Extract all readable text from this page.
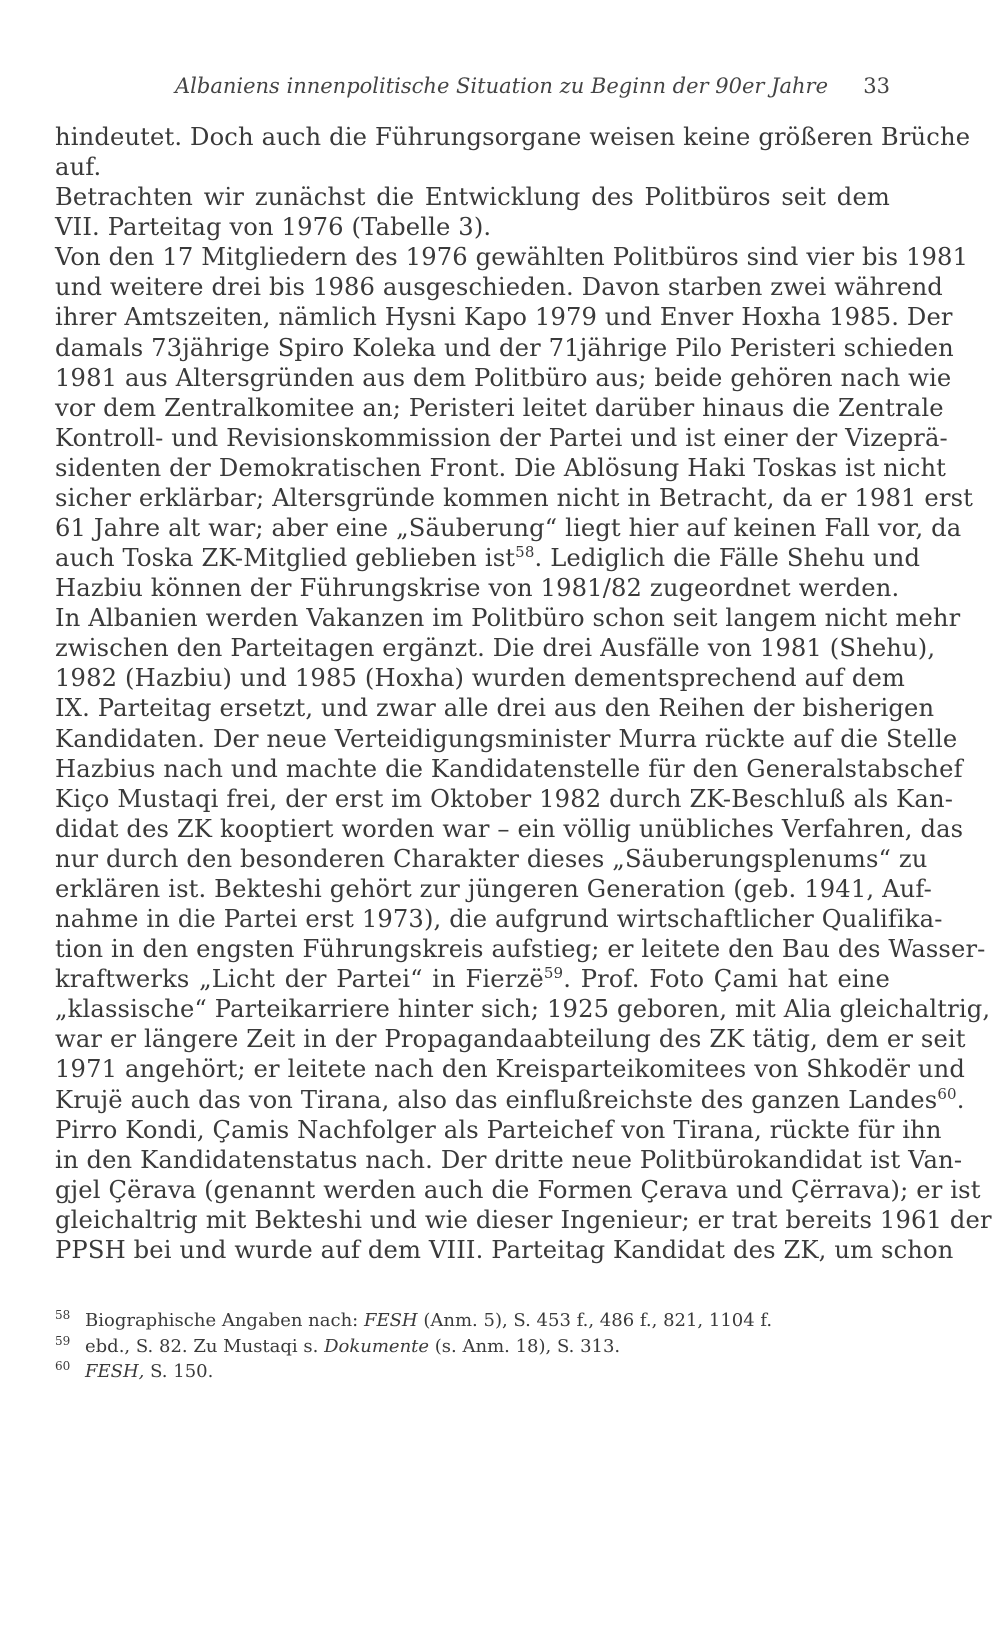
Albaniens innenpolitische Situation zu Beginn der 90er Jahre 33
hindeutet. Doch auch die Führungsorgane weisen keine größeren Brüche
auf.
Betrachten wir zunächst die Entwicklung des Politbüros seit dem
VII. Parteitag von 1976 (Tabelle 3).
Von den 17 Mitgliedern des 1976 gewählten Politbüros sind vier bis 1981
und weitere drei bis 1986 ausgeschieden. Davon starben zwei während
ihrer Amtszeiten, nämlich Hysni Kapo 1979 und Enver Hoxha 1985. Der
damals 73jährige Spiro Koleka und der 71jährige Pilo Peristeri schieden
1981 aus Altersgründen aus dem Politbüro aus; beide gehören nach wie
vor dem Zentralkomitee an; Peristeri leitet darüber hinaus die Zentrale
Kontroll- und Revisionskommission der Partei und ist einer der Vizeprä-
sidenten der Demokratischen Front. Die Ablösung Haki Toskas ist nicht
sicher erklärbar; Altersgründe kommen nicht in Betracht, da er 1981 erst
61 Jahre alt war; aber eine „Säuberung“ liegt hier auf keinen Fall vor, da
auch Toska ZK-Mitglied geblieben ist$^{58}$. Lediglich die Fälle Shehu und
Hazbiu können der Führungskrise von 1981/82 zugeordnet werden.
In Albanien werden Vakanzen im Politbüro schon seit langem nicht mehr
zwischen den Parteitagen ergänzt. Die drei Ausfälle von 1981 (Shehu),
1982 (Hazbiu) und 1985 (Hoxha) wurden dementsprechend auf dem
IX. Parteitag ersetzt, und zwar alle drei aus den Reihen der bisherigen
Kandidaten. Der neue Verteidigungsminister Murra rückte auf die Stelle
Hazbius nach und machte die Kandidatenstelle für den Generalstabschef
Kiço Mustaqi frei, der erst im Oktober 1982 durch ZK-Beschluß als Kan-
didat des ZK kooptiert worden war – ein völlig unübliches Verfahren, das
nur durch den besonderen Charakter dieses „Säuberungsplenums“ zu
erklären ist. Bekteshi gehört zur jüngeren Generation (geb. 1941, Auf-
nahme in die Partei erst 1973), die aufgrund wirtschaftlicher Qualifika-
tion in den engsten Führungskreis aufstieg; er leitete den Bau des Wasser-
kraftwerks „Licht der Partei“ in Fierzë$^{59}$. Prof. Foto Çami hat eine
„klassische“ Parteikarriere hinter sich; 1925 geboren, mit Alia gleichaltrig,
war er längere Zeit in der Propagandaabteilung des ZK tätig, dem er seit
1971 angehört; er leitete nach den Kreisparteikomitees von Shkodër und
Krujë auch das von Tirana, also das einflußreichste des ganzen Landes$^{60}$.
Pirro Kondi, Çamis Nachfolger als Parteichef von Tirana, rückte für ihn
in den Kandidatenstatus nach. Der dritte neue Politbürokandidat ist Van-
gjel Çërava (genannt werden auch die Formen Çerava und Çërrava); er ist
gleichaltrig mit Bekteshi und wie dieser Ingenieur; er trat bereits 1961 der
PPSH bei und wurde auf dem VIII. Parteitag Kandidat des ZK, um schon
58 Biographische Angaben nach: FESH (Anm. 5), S. 453 f., 486 f., 821, 1104 f.
59 ebd., S. 82. Zu Mustaqi s. Dokumente (s. Anm. 18), S. 313.
60 FESH, S. 150.
